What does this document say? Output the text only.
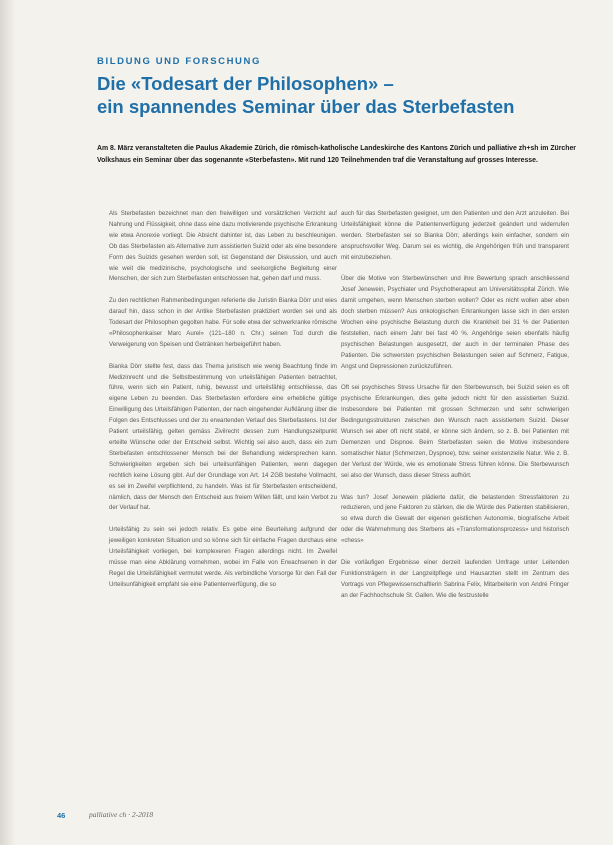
BILDUNG UND FORSCHUNG
Die «Todesart der Philosophen» –
ein spannendes Seminar über das Sterbefasten

Am 8. März veranstalteten die Paulus Akademie Zürich, die römisch-katholische Landeskirche des Kantons Zürich und palliative zh+sh im Zürcher Volkshaus ein Seminar über das sogenannte «Sterbefasten». Mit rund 120 Teilnehmenden traf die Veranstaltung auf grosses Interesse.

Als Sterbefasten bezeichnet man den freiwilligen und vorsätzlichen Verzicht auf Nahrung und Flüssigkeit, ohne dass eine dazu motivierende psychische Erkrankung wie etwa Anorexie vorliegt. Die Absicht dahinter ist, das Leben zu beschleunigen. Ob das Sterbefasten als Alternative zum assistierten Suizid oder als eine besondere Form des Suizids gesehen werden soll, ist Gegenstand der Diskussion, und auch wie weit die medizinische, psychologische und seelsorgliche Begleitung einer Menschen, der sich zum Sterbefasten entschlossen hat, gehen darf und muss.

Zu den rechtlichen Rahmenbedingungen referierte die Juristin Bianka Dörr und wies darauf hin, dass schon in der Antike Sterbefasten praktiziert worden sei und als Todesart der Philosophen gegolten habe. Für solle etwa der schwerkranke römische «Philosophenkaiser Marc Aurel» (121–180 n. Chr.) seinen Tod durch die Verweigerung von Speisen und Getränken herbeigeführt haben.

Bianka Dörr stellte fest, dass das Thema juristisch wie wenig Beachtung finde im Medizinrecht und die Selbstbestimmung von urteilsfähigen Patienten betrachtet, führe, wenn sich ein Patient, ruhig, bewusst und urteilsfähig entschliesse, das eigene Leben zu beenden. Das Sterbefasten erfordere eine erhebliche gültige Einwilligung des Urteilsfähigen Patienten, der nach eingehender Aufklärung über die Folgen des Entschlusses und der zu erwartenden Verlauf des Sterbefastens. Ist der Patient urteilsfähig, gelten gemäss Zivilrecht dessen zum Handlungszeitpunkt erteilte Wünsche oder der Entscheid selbst. Wichtig sei also auch, dass ein zum Sterbefasten entschlossener Mensch bei der Behandlung widersprechen kann. Schwierigkeiten ergeben sich bei urteilsunfähigen Patienten, wenn dagegen rechtlich keine Lösung gibt. Auf der Grundlage von Art. 14 ZGB bestehe Vollmacht, es sei im Zweifel verpflichtend, zu handeln. Was ist für Sterbefasten entscheidend, nämlich, dass der Mensch den Entscheid aus freiem Willen fällt, und kein Verbot zu der Verlauf hat.

Urteilsfähig zu sein sei jedoch relativ. Es gebe eine Beurteilung aufgrund der jeweiligen konkreten Situation und so könne sich für einfache Fragen durchaus eine Urteilsfähigkeit vorliegen, bei komplexeren Fragen allerdings nicht. Im Zweifel müsse man eine Abklärung vornehmen, wobei im Falle von Erwachsenen in der Regel die Urteilsfähigkeit vermutet werde. Als verbindliche Vorsorge für den Fall der Urteilsunfähigkeit empfahl sie eine Patientenverfügung, die so

auch für das Sterbefasten geeignet, um den Patienten und den Arzt anzuleiten. Bei Urteilsfähigkeit könne die Patientenverfügung jederzeit geändert und widerrufen werden. Sterbefasten sei so Bianka Dörr, allerdings kein einfacher, sondern ein anspruchsvoller Weg. Darum sei es wichtig, die Angehörigen früh und transparent mit einzubeziehen.

Über die Motive von Sterbewünschen und ihre Bewertung sprach anschliessend Josef Jenewein, Psychiater und Psychotherapeut am Universitätsspital Zürich. Wie damit umgehen, wenn Menschen sterben wollen? Oder es nicht wollen aber eben doch sterben müssen? Aus onkologischen Erkrankungen lasse sich in den ersten Wochen eine psychische Belastung durch die Krankheit bei 31 % der Patienten feststellen, nach einem Jahr bei fast 40 %. Angehörige seien ebenfalls häufig psychischen Belastungen ausgesetzt, der auch in der terminalen Phase des Patienten. Die schwersten psychischen Belastungen seien auf Schmerz, Fatigue, Angst und Depressionen zurückzuführen.

Oft sei psychisches Stress Ursache für den Sterbewunsch, bei Suizid seien es oft psychische Erkrankungen, dies gelte jedoch nicht für den assistierten Suizid. Insbesondere bei Patienten mit grossen Schmerzen und sehr schwierigen Bedingungsstrukturen zwischen den Wunsch nach assistiertem Suizid. Dieser Wunsch sei aber oft nicht stabil, er könne sich ändern, so z. B. bei Patienten mit Demenzen und Dispnoe. Beim Sterbefasten seien die Motive insbesondere somatischer Natur (Schmerzen, Dyspnoe), bzw. seiner existenzielle Natur. Wie z. B. der Verlust der Würde, wie es emotionale Stress führen könne. Die Sterbewunsch sei also der Wunsch, dass dieser Stress aufhört.

Was tun? Josef Jenewein plädierte dafür, die belastenden Stressfaktoren zu reduzieren, und jene Faktoren zu stärken, die die Würde des Patienten stabilisieren, so etwa durch die Gewalt der eigenen geistlichen Autonomie, biografische Arbeit oder die Wahrnehmung des Sterbens als «Transformationsprozess» und historisch «chess»

Die vorläufigen Ergebnisse einer derzeit laufenden Umfrage unter Leitenden Funktionsträgern in der Langzeitpflege und Hausarzten stellt im Zentrum des Vortrags von Pflegewissenschaftlerin Sabrina Felix, Mitarbeiterin von André Fringer an der Fachhochschule St. Gallen. Wie die festzustelle

46	palliative ch · 2-2018
